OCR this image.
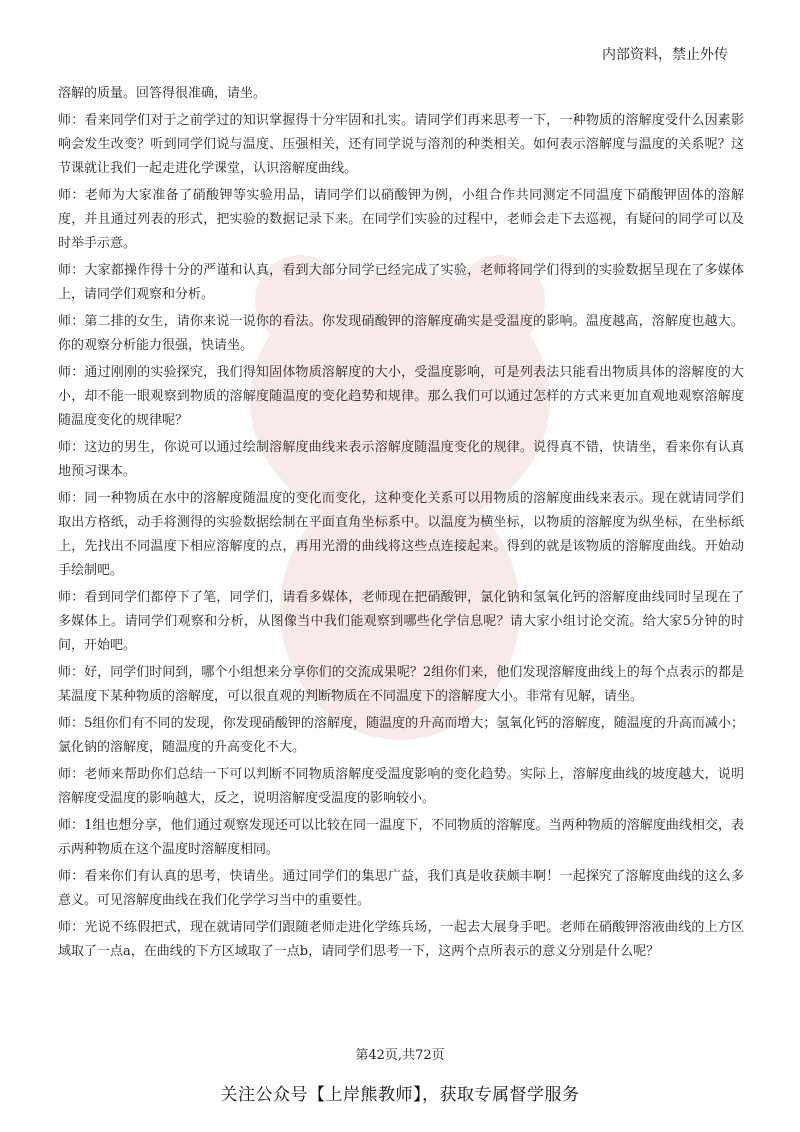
内部资料，禁止外传

溶解的质量。回答得很准确，请坐。

师：看来同学们对于之前学过的知识掌握得十分牢固和扎实。请同学们再来思考一下，一种物质的溶解度受什么因素影响会发生改变？听到同学们说与温度、压强相关，还有同学说与溶剂的种类相关。如何表示溶解度与温度的关系呢？这节课就让我们一起走进化学课堂，认识溶解度曲线。

师：老师为大家准备了硝酸钾等实验用品，请同学们以硝酸钾为例，小组合作共同测定不同温度下硝酸钾固体的溶解度，并且通过列表的形式，把实验的数据记录下来。在同学们实验的过程中，老师会走下去巡视，有疑问的同学可以及时举手示意。

师：大家都操作得十分的严谨和认真，看到大部分同学已经完成了实验，老师将同学们得到的实验数据呈现在了多媒体上，请同学们观察和分析。

师：第二排的女生，请你来说一说你的看法。你发现硝酸钾的溶解度确实是受温度的影响。温度越高，溶解度也越大。你的观察分析能力很强，快请坐。

师：通过刚刚的实验探究，我们得知固体物质溶解度的大小，受温度影响，可是列表法只能看出物质具体的溶解度的大小，却不能一眼观察到物质的溶解度随温度的变化趋势和规律。那么我们可以通过怎样的方式来更加直观地观察溶解度随温度变化的规律呢？

师：这边的男生，你说可以通过绘制溶解度曲线来表示溶解度随温度变化的规律。说得真不错，快请坐，看来你有认真地预习课本。

师：同一种物质在水中的溶解度随温度的变化而变化，这种变化关系可以用物质的溶解度曲线来表示。现在就请同学们取出方格纸，动手将测得的实验数据绘制在平面直角坐标系中。以温度为横坐标，以物质的溶解度为纵坐标，在坐标纸上，先找出不同温度下相应溶解度的点，再用光滑的曲线将这些点连接起来。得到的就是该物质的溶解度曲线。开始动手绘制吧。

师：看到同学们都停下了笔，同学们，请看多媒体，老师现在把硝酸钾，氯化钠和氢氧化钙的溶解度曲线同时呈现在了多媒体上。请同学们观察和分析，从图像当中我们能观察到哪些化学信息呢？请大家小组讨论交流。给大家5分钟的时间，开始吧。

师：好，同学们时间到，哪个小组想来分享你们的交流成果呢？2组你们来，他们发现溶解度曲线上的每个点表示的都是某温度下某种物质的溶解度，可以很直观的判断物质在不同温度下的溶解度大小。非常有见解，请坐。

师：5组你们有不同的发现，你发现硝酸钾的溶解度，随温度的升高而增大；氢氧化钙的溶解度，随温度的升高而减小；氯化钠的溶解度，随温度的升高变化不大。

师：老师来帮助你们总结一下可以判断不同物质溶解度受温度影响的变化趋势。实际上，溶解度曲线的坡度越大，说明溶解度受温度的影响越大，反之，说明溶解度受温度的影响较小。

师：1组也想分享，他们通过观察发现还可以比较在同一温度下，不同物质的溶解度。当两种物质的溶解度曲线相交，表示两种物质在这个温度时溶解度相同。

师：看来你们有认真的思考，快请坐。通过同学们的集思广益，我们真是收获颇丰啊！一起探究了溶解度曲线的这么多意义。可见溶解度曲线在我们化学学习当中的重要性。

师：光说不练假把式，现在就请同学们跟随老师走进化学练兵场，一起去大展身手吧。老师在硝酸钾溶液曲线的上方区域取了一点a，在曲线的下方区域取了一点b，请同学们思考一下，这两个点所表示的意义分别是什么呢？

第42页,共72页
关注公众号【上岸熊教师】，获取专属督学服务
